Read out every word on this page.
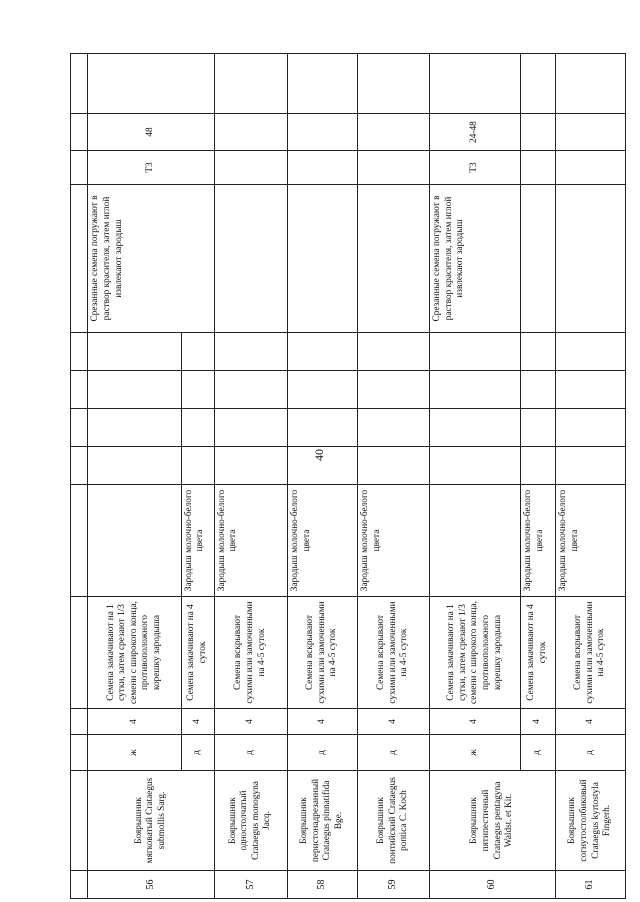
40

56	Боярышник мягковатый Crataegus submollis Sarg.	ж	4	Семена замачивают на 1 сутки, затем срезают 1/3 семени с широкого конца, противоположного корешку зародыша						Срезанные семена погружают в раствор красителя, затем иглой извлекают зародыш	Т3	48	
		д	4	Семена замачивают на 4 суток	Зародыш молочно-белого цвета								
57	Боярышник одностолчатый Crataegus monogyna Jacq.	д	4	Семена вскрывают сухими или замоченными на 4-5 суток	Зародыш молочно-белого цвета								
58	Боярышник перистонадрезанный Crataegus pinnatifida Bge.	д	4	Семена вскрывают сухими или замоченными на 4-5 суток	Зародыш молочно-белого цвета								
59	Боярышник понтийский Crataegus pontica C. Koch	д	4	Семена вскрывают сухими или замоченными на 4-5 суток	Зародыш молочно-белого цвета								
60	Боярышник пятипестичный Crataegus pentagyna Waldst. et Kit.	ж	4	Семена замачивают на 1 сутки, затем срезают 1/3 семени с широкого конца, противоположного корешку зародыша						Срезанные семена погружают в раствор красителя, затем иглой извлекают зародыш	Т3	24-48	
		д	4	Семена замачивают на 4 суток	Зародыш молочно-белого цвета								
61	Боярышник согнутостолбиковый Crataegus kyrtostyla Fingerh.	д	4	Семена вскрывают сухими или замоченными на 4-5 суток	Зародыш молочно-белого цвета								
